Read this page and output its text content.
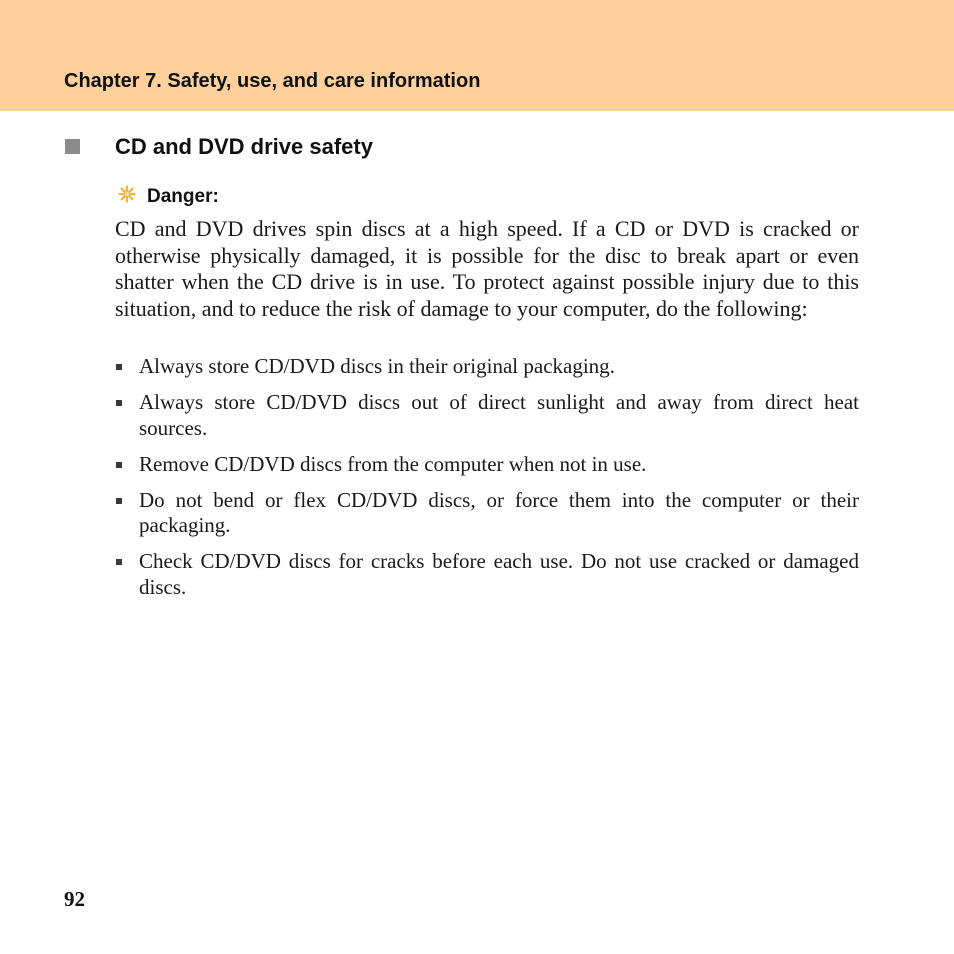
Chapter 7. Safety, use, and care information
CD and DVD drive safety
Danger:

CD and DVD drives spin discs at a high speed. If a CD or DVD is cracked or otherwise physically damaged, it is possible for the disc to break apart or even shatter when the CD drive is in use. To protect against possible injury due to this situation, and to reduce the risk of damage to your computer, do the following:

Always store CD/DVD discs in their original packaging.
Always store CD/DVD discs out of direct sunlight and away from direct heat sources.
Remove CD/DVD discs from the computer when not in use.
Do not bend or flex CD/DVD discs, or force them into the computer or their packaging.
Check CD/DVD discs for cracks before each use. Do not use cracked or damaged discs.
92
